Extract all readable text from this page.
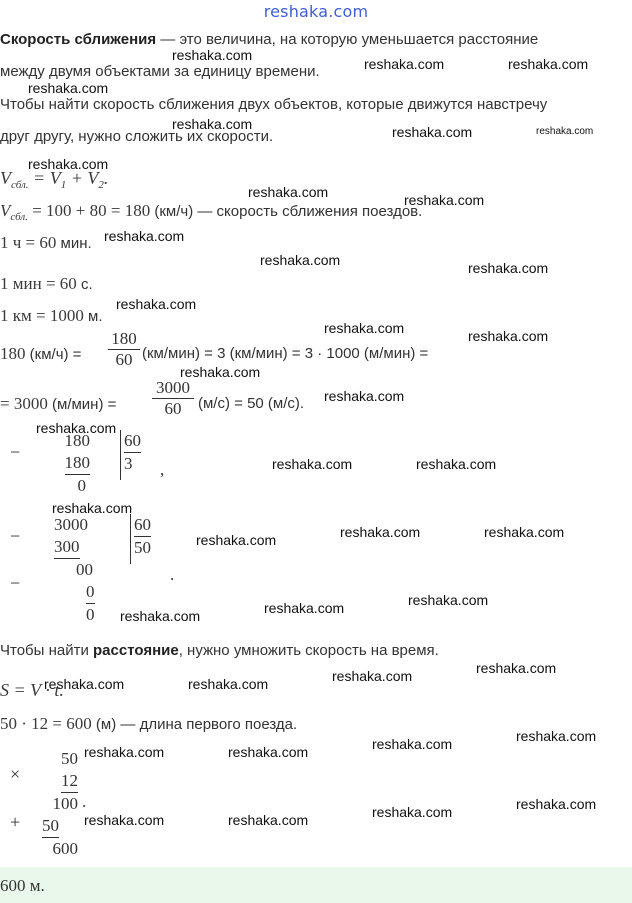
reshaka.com
Скорость сближения — это величина, на которую уменьшается расстояние
между двумя объектами за единицу времени.
Чтобы найти скорость сближения двух объектов, которые движутся навстречу
друг другу, нужно сложить их скорости.
$V_{сбл.} = V_1 + V_2$.
$V_{сбл.} = 100 + 80 = 180$ (км/ч) — скорость сближения поездов.
1 ч = 60 мин.
1 мин = 60 с.
1 км = 1000 м.
180 $(км/ч) = \frac{180}{60} (км/мин) = 3$ (км/мин) = 3 · 1000 (м/мин) =
= 3000 $(м/мин) = \frac{3000}{60} (м/с) = 50$ (м/с).
−
180
180
0
60
3	,
−
−
3000
300
00
0
0
60
50
.
Чтобы найти расстояние, нужно умножить скорость на время.
S = V · t.
50 · 12 = 600 (м) — длина первого поезда.
×
+
50
12
100
50
600
.
600 м.
reshaka.com
reshaka.com
reshaka.com	reshaka.com
reshaka.com	reshaka.com	reshaka.com
reshaka.com
reshaka.com	reshaka.com
reshaka.com
reshaka.com	reshaka.com
reshaka.com
reshaka.com	reshaka.com
reshaka.com
reshaka.com
reshaka.com
reshaka.com	reshaka.com
reshaka.com
reshaka.com	reshaka.com	reshaka.com
reshaka.com	reshaka.com	reshaka.com
reshaka.com
reshaka.com
reshaka.com	reshaka.com
reshaka.com
reshaka.com
reshaka.com	reshaka.com
reshaka.com
reshaka.com
reshaka.com	reshaka.com
